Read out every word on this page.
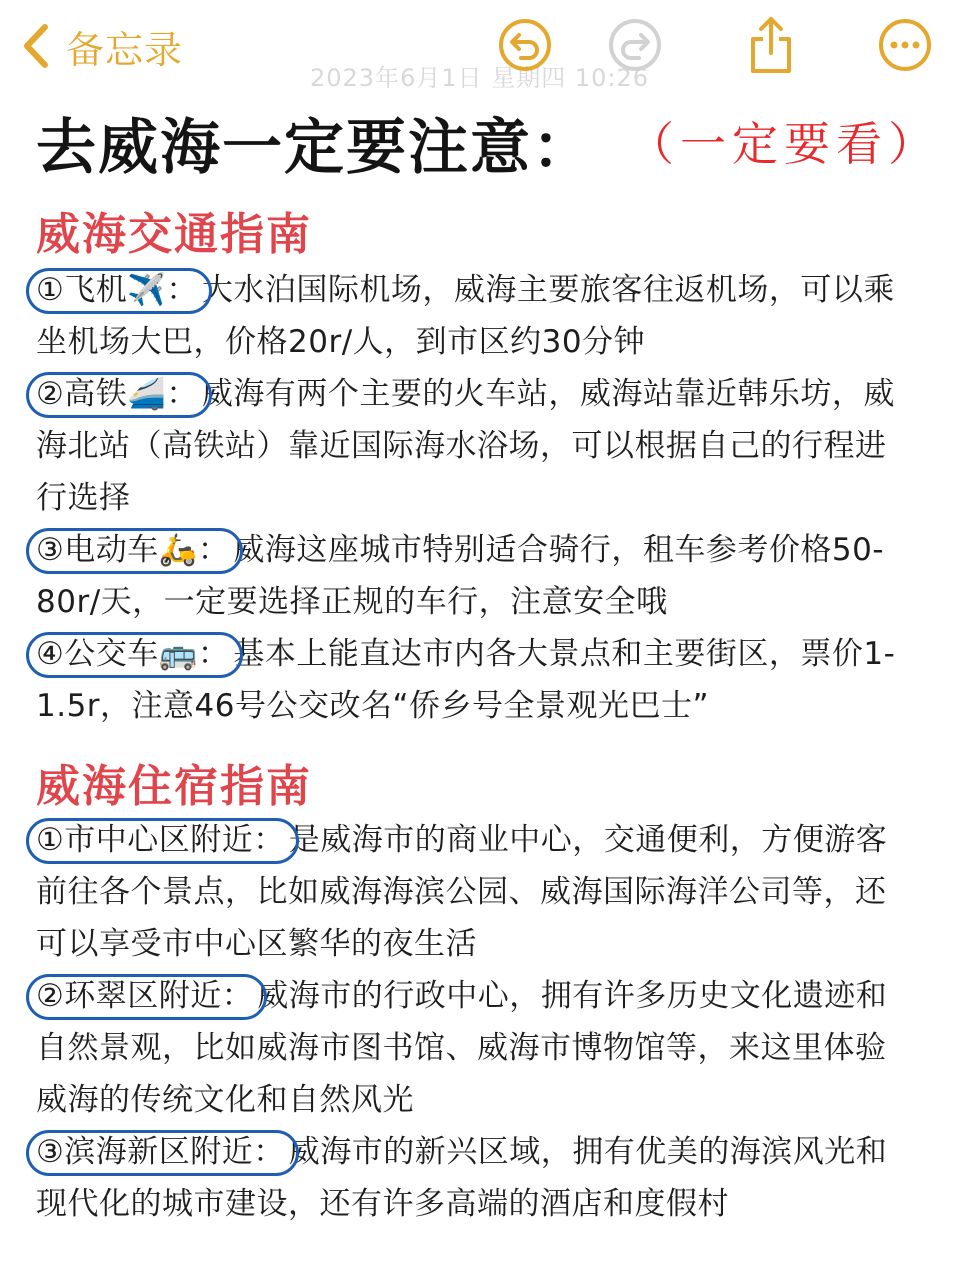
备忘录
2023年6月1日 星期四 10:26
去威海一定要注意： （一定要看）
威海交通指南
①飞机✈️： 大水泊国际机场，威海主要旅客往返机场，可以乘坐机场大巴，价格20r/人，到市区约30分钟
②高铁🚄： 威海有两个主要的火车站，威海站靠近韩乐坊，威海北站（高铁站）靠近国际海水浴场，可以根据自己的行程进行选择
③电动车🛵： 威海这座城市特别适合骑行，租车参考价格50-80r/天，一定要选择正规的车行，注意安全哦
④公交车🚌： 基本上能直达市内各大景点和主要街区，票价1-1.5r，注意46号公交改名“侨乡号全景观光巴士”
威海住宿指南
①市中心区附近： 是威海市的商业中心，交通便利，方便游客前往各个景点，比如威海海滨公园、威海国际海洋公司等，还可以享受市中心区繁华的夜生活
②环翠区附近： 威海市的行政中心，拥有许多历史文化遗迹和自然景观，比如威海市图书馆、威海市博物馆等，来这里体验威海的传统文化和自然风光
③滨海新区附近： 威海市的新兴区域，拥有优美的海滨风光和现代化的城市建设，还有许多高端的酒店和度假村
